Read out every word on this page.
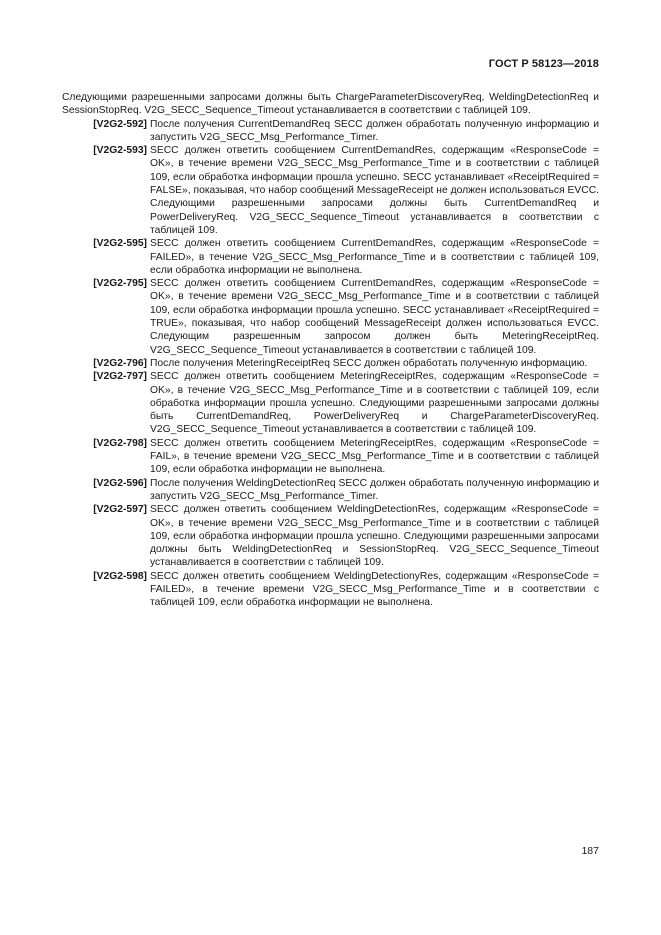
ГОСТ Р 58123—2018

Следующими разрешенными запросами должны быть ChargeParameterDiscoveryReq, WeldingDetectionReq и SessionStopReq. V2G_SECC_Sequence_Timeout устанавливается в соответствии с таблицей 109.

[V2G2-592] После получения CurrentDemandReq SECC должен обработать полученную информацию и запустить V2G_SECC_Msg_Performance_Timer.
[V2G2-593] SECC должен ответить сообщением CurrentDemandRes, содержащим «ResponseCode = OK», в течение времени V2G_SECC_Msg_Performance_Time и в соответствии с таблицей 109, если обработка информации прошла успешно. SECC устанавливает «ReceiptRequired = FALSE», показывая, что набор сообщений MessageReceipt не должен использоваться EVCC. Следующими разрешенными запросами должны быть CurrentDemandReq и PowerDeliveryReq. V2G_SECC_Sequence_Timeout устанавливается в соответствии с таблицей 109.
[V2G2-595] SECC должен ответить сообщением CurrentDemandRes, содержащим «ResponseCode = FAILED», в течение V2G_SECC_Msg_Performance_Time и в соответствии с таблицей 109, если обработка информации не выполнена.
[V2G2-795] SECC должен ответить сообщением CurrentDemandRes, содержащим «ResponseCode = OK», в течение времени V2G_SECC_Msg_Performance_Time и в соответствии с таблицей 109, если обработка информации прошла успешно. SECC устанавливает «ReceiptRequired = TRUE», показывая, что набор сообщений MessageReceipt должен использоваться EVCC. Следующим разрешенным запросом должен быть MeteringReceiptReq. V2G_SECC_Sequence_Timeout устанавливается в соответствии с таблицей 109.
[V2G2-796] После получения MeteringReceiptReq SECC должен обработать полученную информацию.
[V2G2-797] SECC должен ответить сообщением MeteringReceiptRes, содержащим «ResponseCode = OK», в течение V2G_SECC_Msg_Performance_Time и в соответствии с таблицей 109, если обработка информации прошла успешно. Следующими разрешенными запросами должны быть CurrentDemandReq, PowerDeliveryReq и ChargeParameterDiscoveryReq. V2G_SECC_Sequence_Timeout устанавливается в соответствии с таблицей 109.
[V2G2-798] SECC должен ответить сообщением MeteringReceiptRes, содержащим «ResponseCode = FAIL», в течение времени V2G_SECC_Msg_Performance_Time и в соответствии с таблицей 109, если обработка информации не выполнена.
[V2G2-596] После получения WeldingDetectionReq SECC должен обработать полученную информацию и запустить V2G_SECC_Msg_Performance_Timer.
[V2G2-597] SECC должен ответить сообщением WeldingDetectionRes, содержащим «ResponseCode = OK», в течение времени V2G_SECC_Msg_Performance_Time и в соответствии с таблицей 109, если обработка информации прошла успешно. Следующими разрешенными запросами должны быть WeldingDetectionReq и SessionStopReq. V2G_SECC_Sequence_Timeout устанавливается в соответствии с таблицей 109.
[V2G2-598] SECC должен ответить сообщением WeldingDetectionyRes, содержащим «ResponseCode = FAILED», в течение времени V2G_SECC_Msg_Performance_Time и в соответствии с таблицей 109, если обработка информации не выполнена.
187
